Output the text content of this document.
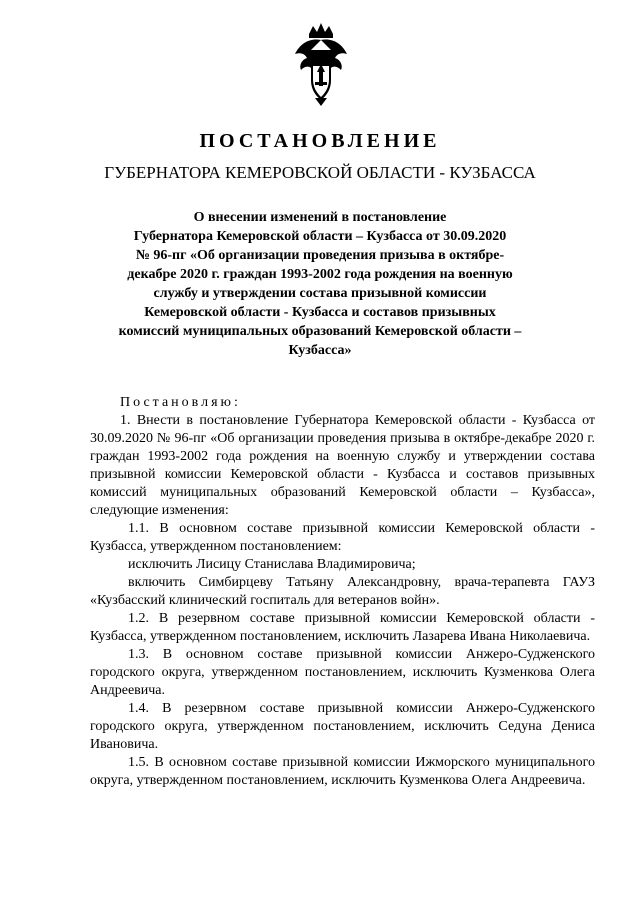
ПОСТАНОВЛЕНИЕ
ГУБЕРНАТОРА КЕМЕРОВСКОЙ ОБЛАСТИ - КУЗБАССА
О внесении изменений в постановление
Губернатора Кемеровской области – Кузбасса от 30.09.2020
№ 96-пг «Об организации проведения призыва в октябре-
декабре 2020 г. граждан 1993-2002 года рождения на военную
службу и утверждении состава призывной комиссии
Кемеровской области - Кузбасса и составов призывных
комиссий муниципальных образований Кемеровской области –
Кузбасса»

Постановляю:

1. Внести в постановление Губернатора Кемеровской области - Кузбасса от 30.09.2020 № 96-пг «Об организации проведения призыва в октябре-декабре 2020 г. граждан 1993-2002 года рождения на военную службу и утверждении состава призывной комиссии Кемеровской области - Кузбасса и составов призывных комиссий муниципальных образований Кемеровской области – Кузбасса», следующие изменения:

1.1. В основном составе призывной комиссии Кемеровской области - Кузбасса, утвержденном постановлением:

исключить Лисицу Станислава Владимировича;

включить Симбирцеву Татьяну Александровну, врача-терапевта ГАУЗ «Кузбасский клинический госпиталь для ветеранов войн».

1.2. В резервном составе призывной комиссии Кемеровской области - Кузбасса, утвержденном постановлением, исключить Лазарева Ивана Николаевича.

1.3. В основном составе призывной комиссии Анжеро-Судженского городского округа, утвержденном постановлением, исключить Кузменкова Олега Андреевича.

1.4. В резервном составе призывной комиссии Анжеро-Судженского городского округа, утвержденном постановлением, исключить Седуна Дениса Ивановича.

1.5. В основном составе призывной комиссии Ижморского муниципального округа, утвержденном постановлением, исключить Кузменкова Олега Андреевича.
